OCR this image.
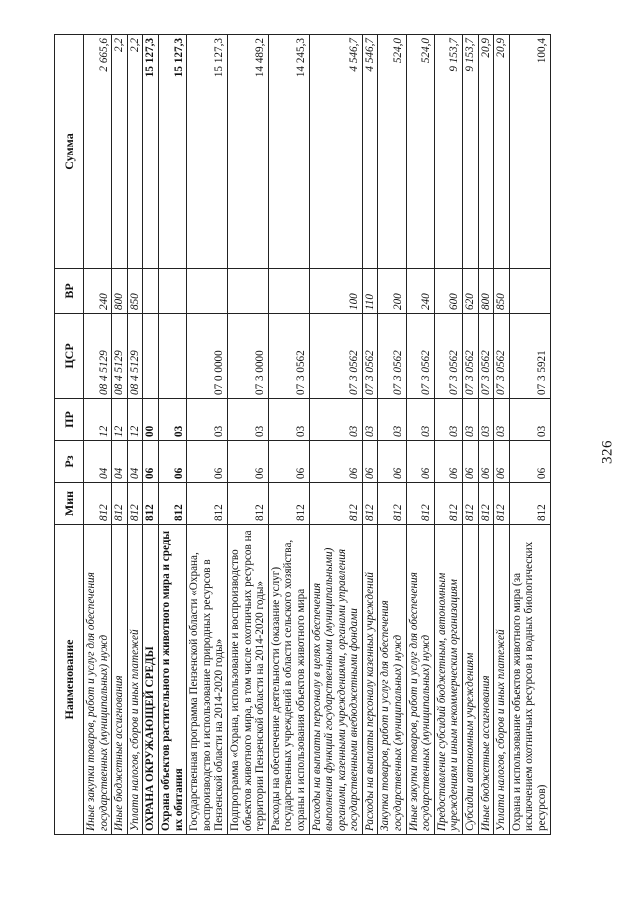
326
Наименование	Мин	Рз	ПР	ЦСР	ВР	Сумма
Иные закупки товаров, работ и услуг для обеспечения государственных (муниципальных) нужд	812	04	12	08 4 5129	240	2 665,6
Иные бюджетные ассигнования	812	04	12	08 4 5129	800	2,2
Уплата налогов, сборов и иных платежей	812	04	12	08 4 5129	850	2,2
ОХРАНА ОКРУЖАЮЩЕЙ СРЕДЫ	812	06	00			15 127,3
Охрана объектов растительного и животного мира и среды их обитания	812	06	03			15 127,3
Государственная программа Пензенской области «Охрана, воспроизводство и использование природных ресурсов в Пензенской области на 2014-2020 годы»	812	06	03	07 0 0000		15 127,3
Подпрограмма «Охрана, использование и воспроизводство объектов животного мира, в том числе охотничьих ресурсов на территории Пензенской области на 2014-2020 годы»	812	06	03	07 3 0000		14 489,2
Расходы на обеспечение деятельности (оказание услуг) государственных учреждений в области сельского хозяйства, охраны и использования объектов животного мира	812	06	03	07 3 0562		14 245,3
Расходы на выплаты персоналу в целях обеспечения выполнения функций государственными (муниципальными) органами, казенными учреждениями, органами управления государственными внебюджетными фондами	812	06	03	07 3 0562	100	4 546,7
Расходы на выплаты персоналу казенных учреждений	812	06	03	07 3 0562	110	4 546,7
Закупка товаров, работ и услуг для обеспечения государственных (муниципальных) нужд	812	06	03	07 3 0562	200	524,0
Иные закупки товаров, работ и услуг для обеспечения государственных (муниципальных) нужд	812	06	03	07 3 0562	240	524,0
Предоставление субсидий бюджетным, автономным учреждениям и иным некоммерческим организациям	812	06	03	07 3 0562	600	9 153,7
Субсидии автономным учреждениям	812	06	03	07 3 0562	620	9 153,7
Иные бюджетные ассигнования	812	06	03	07 3 0562	800	20,9
Уплата налогов, сборов и иных платежей	812	06	03	07 3 0562	850	20,9
Охрана и использование объектов животного мира (за исключением охотничьих ресурсов и водных биологических ресурсов)	812	06	03	07 3 5921		100,4
